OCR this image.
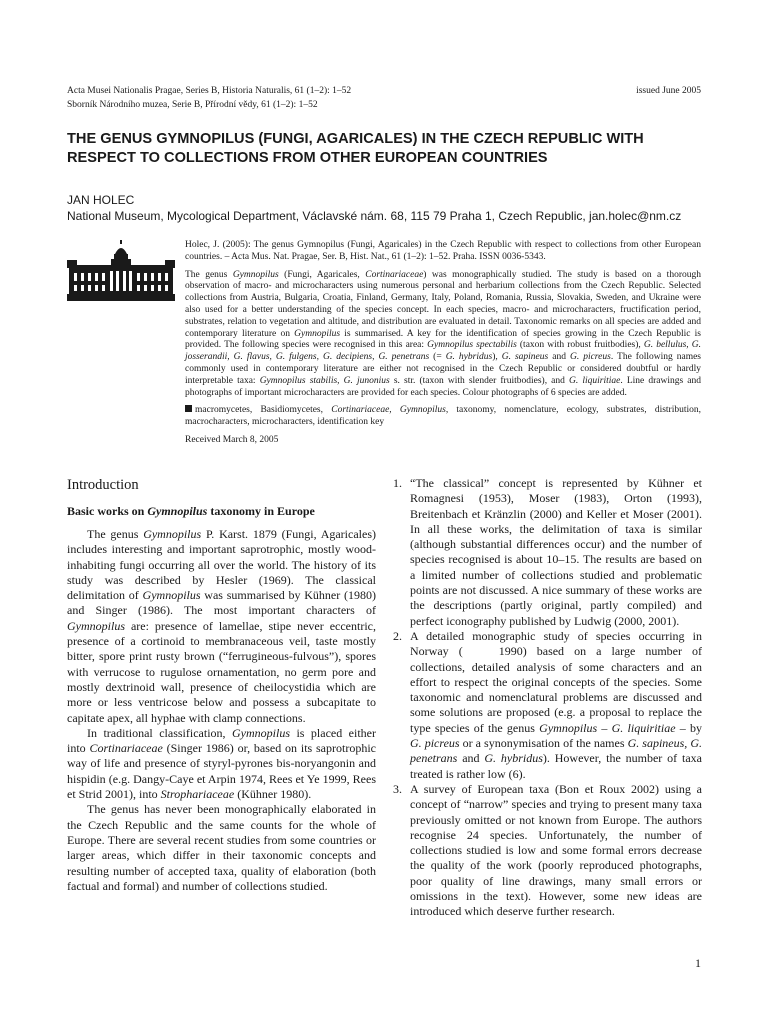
Acta Musei Nationalis Pragae, Series B, Historia Naturalis, 61 (1–2): 1–52
Sborník Národního muzea, Serie B, Přírodní vědy, 61 (1–2): 1–52
issued June 2005
THE GENUS GYMNOPILUS (FUNGI, AGARICALES) IN THE CZECH REPUBLIC WITH RESPECT TO COLLECTIONS FROM OTHER EUROPEAN COUNTRIES
JAN HOLEC
National Museum, Mycological Department, Václavské nám. 68, 115 79 Praha 1, Czech Republic, jan.holec@nm.cz

Holec, J. (2005): The genus Gymnopilus (Fungi, Agaricales) in the Czech Republic with respect to collections from other European countries. – Acta Mus. Nat. Pragae, Ser. B, Hist. Nat., 61 (1–2): 1–52. Praha. ISSN 0036-5343.

The genus Gymnopilus (Fungi, Agaricales, Cortinariaceae) was monographically studied. The study is based on a thorough observation of macro- and microcharacters using numerous personal and herbarium collections from the Czech Republic. Selected collections from Austria, Bulgaria, Croatia, Finland, Germany, Italy, Poland, Romania, Russia, Slovakia, Sweden, and Ukraine were also used for a better understanding of the species concept. In each species, macro- and microcharacters, fructification period, substrates, relation to vegetation and altitude, and distribution are evaluated in detail. Taxonomic remarks on all species are added and contemporary literature on Gymnopilus is summarised. A key for the identification of species growing in the Czech Republic is provided. The following species were recognised in this area: Gymnopilus spectabilis (taxon with robust fruitbodies), G. bellulus, G. josserandii, G. flavus, G. fulgens, G. decipiens, G. penetrans (= G. hybridus), G. sapineus and G. picreus. The following names commonly used in contemporary literature are either not recognised in the Czech Republic or considered doubtful or hardly interpretable taxa: Gymnopilus stabilis, G. junonius s. str. (taxon with slender fruitbodies), and G. liquiritiae. Line drawings and photographs of important microcharacters are provided for each species. Colour photographs of 6 species are added.

macromycetes, Basidiomycetes, Cortinariaceae, Gymnopilus, taxonomy, nomenclature, ecology, substrates, distribution, macrocharacters, microcharacters, identification key

Received March 8, 2005

Introduction
Basic works on Gymnopilus taxonomy in Europe

The genus Gymnopilus P. Karst. 1879 (Fungi, Agaricales) includes interesting and important saprotrophic, mostly wood-inhabiting fungi occurring all over the world. The history of its study was described by Hesler (1969). The classical delimitation of Gymnopilus was summarised by Kühner (1980) and Singer (1986). The most important characters of Gymnopilus are: presence of lamellae, stipe never eccentric, presence of a cortinoid to membranaceous veil, taste mostly bitter, spore print rusty brown (“ferrugineous-fulvous”), spores with verrucose to rugulose ornamentation, no germ pore and mostly dextrinoid wall, presence of cheilocystidia which are more or less ventricose below and possess a subcapitate to capitate apex, all hyphae with clamp connections.

In traditional classification, Gymnopilus is placed either into Cortinariaceae (Singer 1986) or, based on its saprotrophic way of life and presence of styryl-pyrones bis-noryangonin and hispidin (e.g. Dangy-Caye et Arpin 1974, Rees et Ye 1999, Rees et Strid 2001), into Strophariaceae (Kühner 1980).

The genus has never been monographically elaborated in the Czech Republic and the same counts for the whole of Europe. There are several recent studies from some countries or larger areas, which differ in their taxonomic concepts and resulting number of accepted taxa, quality of elaboration (both factual and formal) and number of collections studied.

1. “The classical” concept is represented by Kühner et Romagnesi (1953), Moser (1983), Orton (1993), Breitenbach et Kränzlin (2000) and Keller et Moser (2001). In all these works, the delimitation of taxa is similar (although substantial differences occur) and the number of species recognised is about 10–15. The results are based on a limited number of collections studied and problematic points are not discussed. A nice summary of these works are the descriptions (partly original, partly compiled) and perfect iconography published by Ludwig (2000, 2001).
2. A detailed monographic study of species occurring in Norway (	1990) based on a large number of collections, detailed analysis of some characters and an effort to respect the original concepts of the species. Some taxonomic and nomenclatural problems are discussed and some solutions are proposed (e.g. a proposal to replace the type species of the genus Gymnopilus – G. liquiritiae – by G. picreus or a synonymisation of the names G. sapineus, G. penetrans and G. hybridus). However, the number of taxa treated is rather low (6).
3. A survey of European taxa (Bon et Roux 2002) using a concept of “narrow” species and trying to present many taxa previously omitted or not known from Europe. The authors recognise 24 species. Unfortunately, the number of collections studied is low and some formal errors decrease the quality of the work (poorly reproduced photographs, poor quality of line drawings, many small errors or omissions in the text). However, some new ideas are introduced which deserve further research.
1
